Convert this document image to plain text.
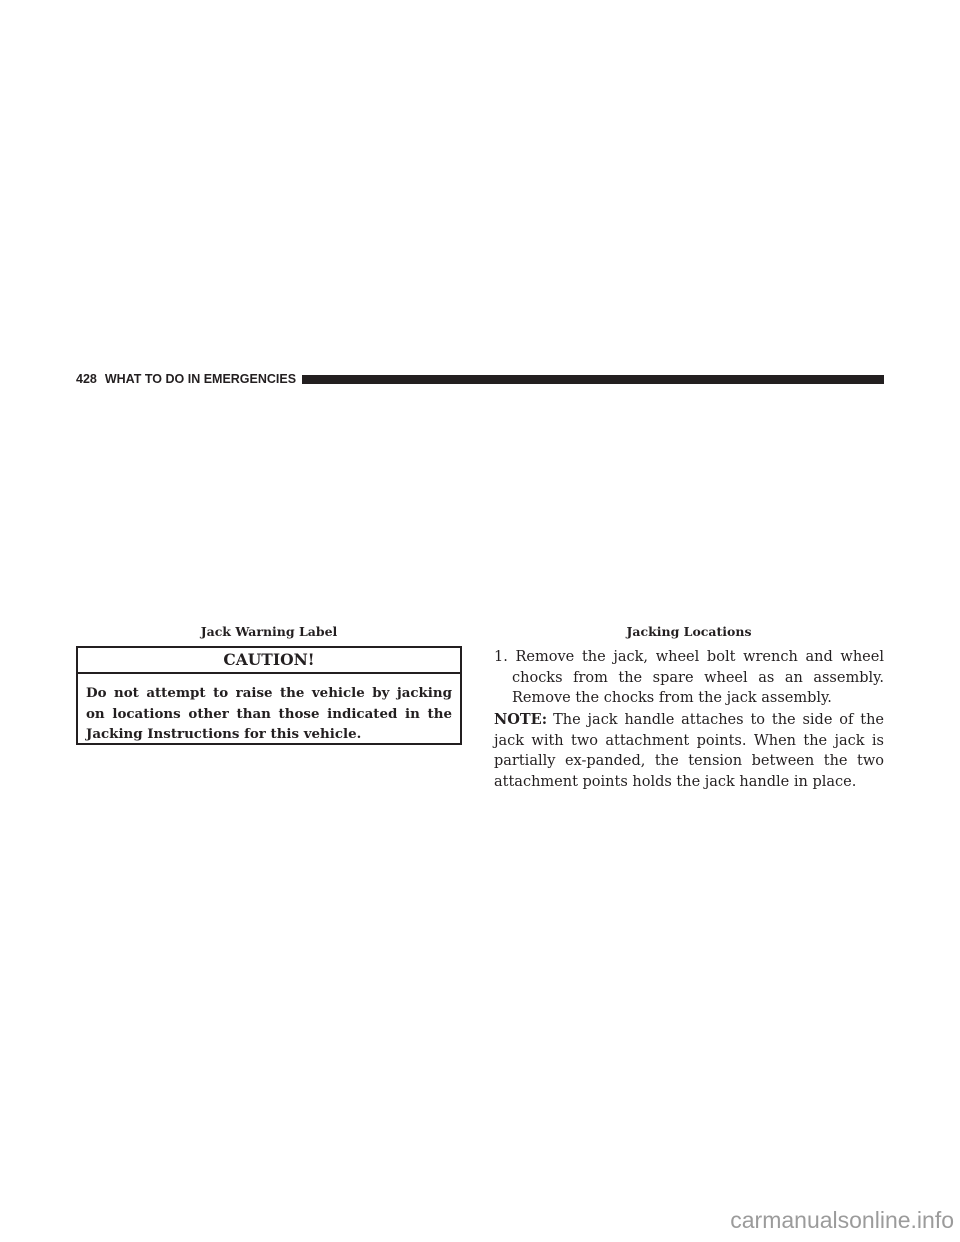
428 WHAT TO DO IN EMERGENCIES
Jack Warning Label	Jacking Locations
CAUTION!
Do not attempt to raise the vehicle by jacking on locations other than those indicated in the Jacking Instructions for this vehicle.
1. Remove the jack, wheel bolt wrench and wheel chocks from the spare wheel as an assembly. Remove the chocks from the jack assembly.
NOTE: The jack handle attaches to the side of the jack with two attachment points. When the jack is partially ex-panded, the tension between the two attachment points holds the jack handle in place.
carmanualsonline.info
